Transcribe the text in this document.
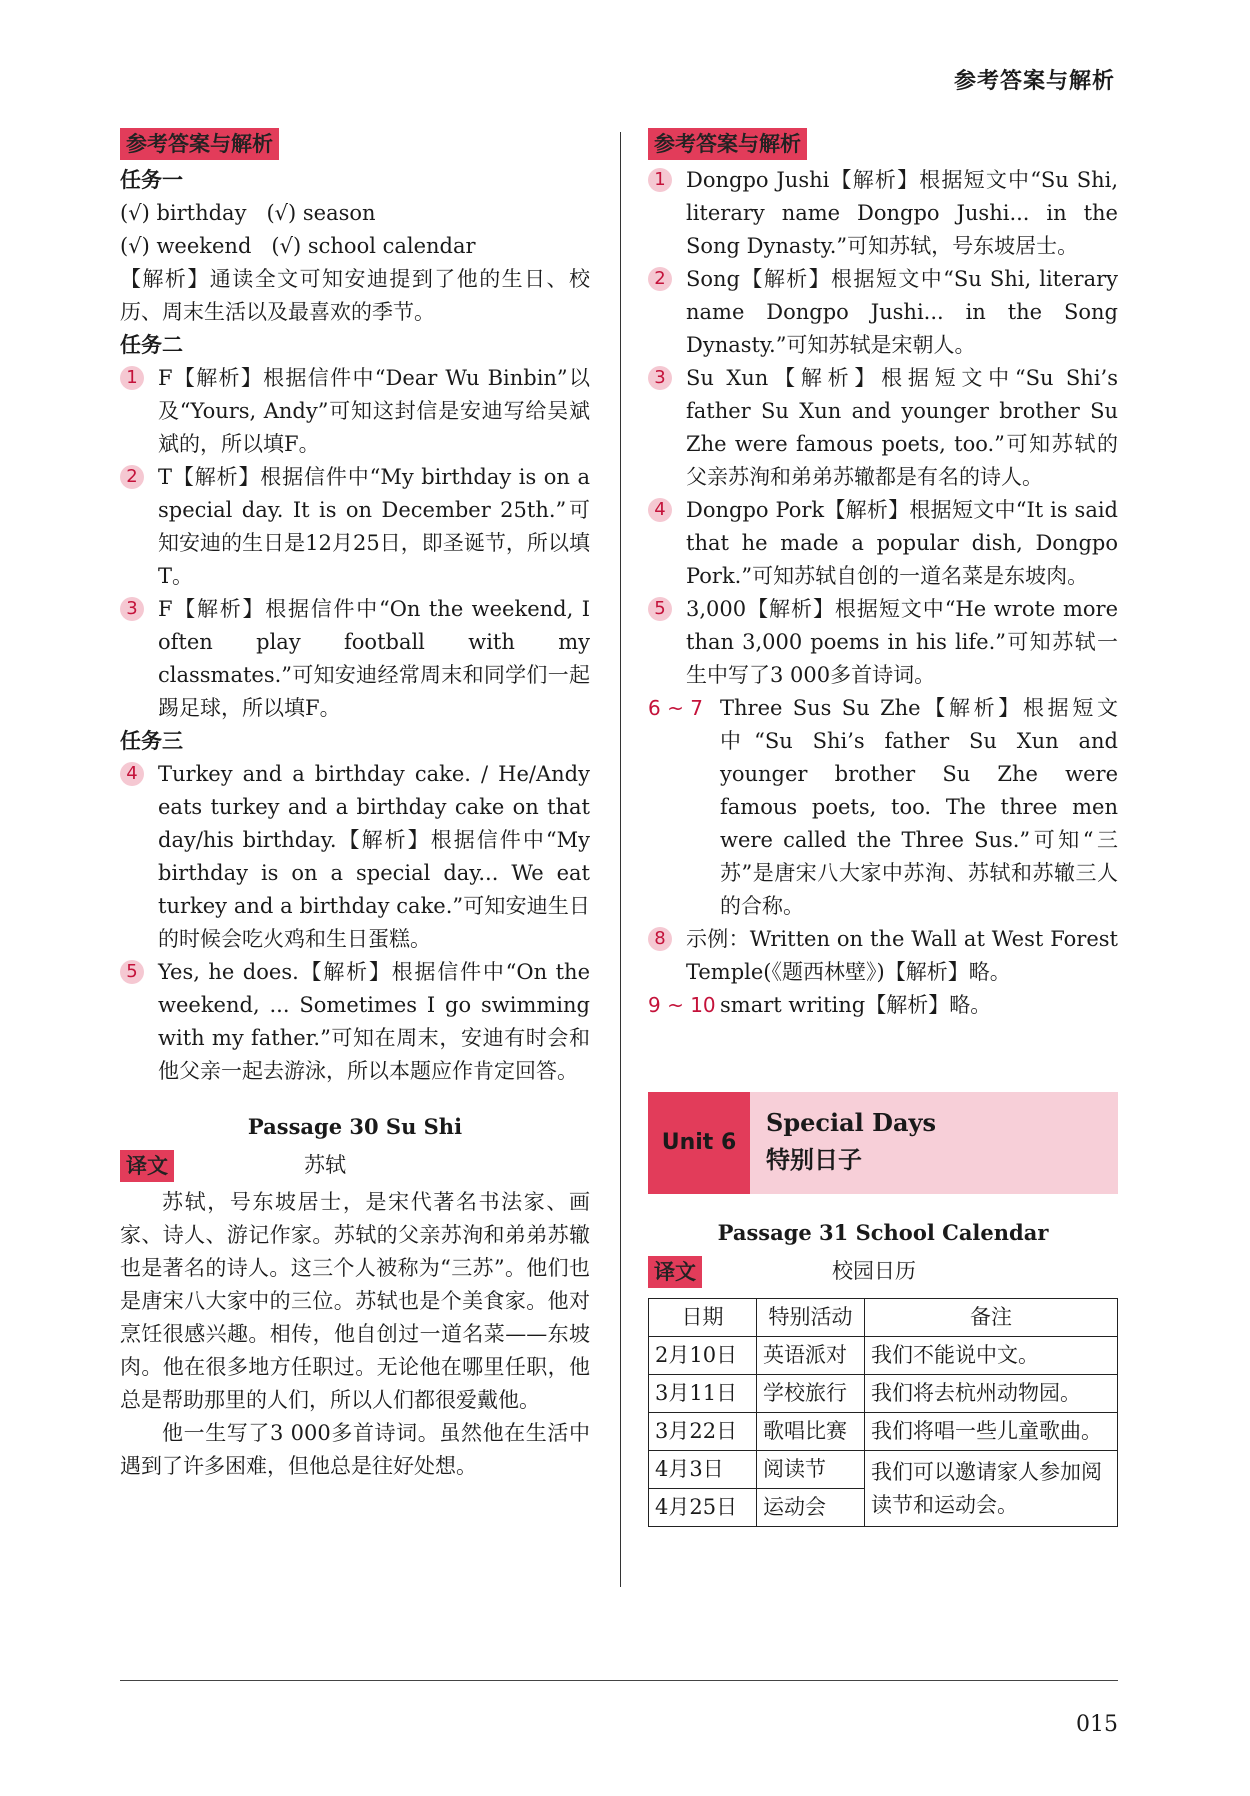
参考答案与解析
参考答案与解析
任务一

(√) birthday   (√) season

(√) weekend   (√) school calendar

【解析】通读全文可知安迪提到了他的生日、校历、周末生活以及最喜欢的季节。

任务二

1 F【解析】根据信件中“Dear Wu Binbin”以及“Yours, Andy”可知这封信是安迪写给吴斌斌的，所以填F。

2 T【解析】根据信件中“My birthday is on a special day. It is on December 25th.”可知安迪的生日是12月25日，即圣诞节，所以填T。

3 F【解析】根据信件中“On the weekend, I often play football with my classmates.”可知安迪经常周末和同学们一起踢足球，所以填F。

任务三

4 Turkey and a birthday cake. / He/Andy eats turkey and a birthday cake on that day/his birthday.【解析】根据信件中“My birthday is on a special day... We eat turkey and a birthday cake.”可知安迪生日的时候会吃火鸡和生日蛋糕。

5 Yes, he does.【解析】根据信件中“On the weekend, ... Sometimes I go swimming with my father.”可知在周末，安迪有时会和他父亲一起去游泳，所以本题应作肯定回答。

Passage 30 Su Shi
译文	苏轼

苏轼，号东坡居士，是宋代著名书法家、画家、诗人、游记作家。苏轼的父亲苏洵和弟弟苏辙也是著名的诗人。这三个人被称为“三苏”。他们也是唐宋八大家中的三位。苏轼也是个美食家。他对烹饪很感兴趣。相传，他自创过一道名菜——东坡肉。他在很多地方任职过。无论他在哪里任职，他总是帮助那里的人们，所以人们都很爱戴他。

他一生写了3 000多首诗词。虽然他在生活中遇到了许多困难，但他总是往好处想。

参考答案与解析

1 Dongpo Jushi【解析】根据短文中“Su Shi, literary name Dongpo Jushi... in the Song Dynasty.”可知苏轼，号东坡居士。

2 Song【解析】根据短文中“Su Shi, literary name Dongpo Jushi... in the Song Dynasty.”可知苏轼是宋朝人。

3 Su Xun【解析】根据短文中“Su Shi’s father Su Xun and younger brother Su Zhe were famous poets, too.”可知苏轼的父亲苏洵和弟弟苏辙都是有名的诗人。

4 Dongpo Pork【解析】根据短文中“It is said that he made a popular dish, Dongpo Pork.”可知苏轼自创的一道名菜是东坡肉。

5 3,000【解析】根据短文中“He wrote more than 3,000 poems in his life.”可知苏轼一生中写了3 000多首诗词。

6 ~ 7 Three Sus Su Zhe【解析】根据短文中“Su Shi’s father Su Xun and younger brother Su Zhe were famous poets, too. The three men were called the Three Sus.”可知“三苏”是唐宋八大家中苏洵、苏轼和苏辙三人的合称。

8 示例：Written on the Wall at West Forest Temple(《题西林壁》)【解析】略。

9 ~ 10 smart writing【解析】略。

Unit 6
Special Days
特别日子
Passage 31 School Calendar
译文	校园日历
日期	特别活动	备注
2月10日	英语派对	我们不能说中文。
3月11日	学校旅行	我们将去杭州动物园。
3月22日	歌唱比赛	我们将唱一些儿童歌曲。
4月3日	阅读节	我们可以邀请家人参加阅读节和运动会。
4月25日	运动会	
015
